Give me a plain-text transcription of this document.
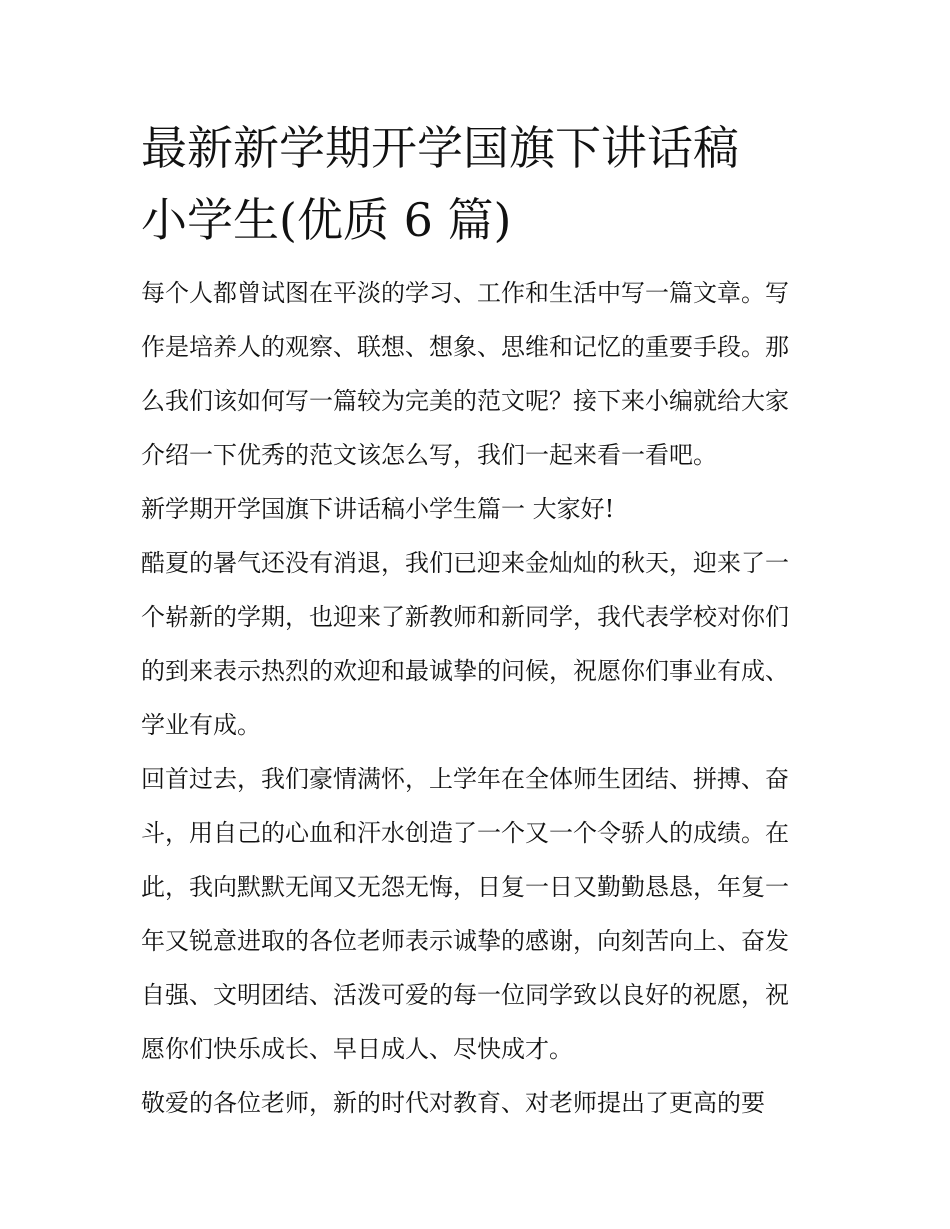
最新新学期开学国旗下讲话稿
小学生(优质 6 篇)

每个人都曾试图在平淡的学习、工作和生活中写一篇文章。写
作是培养人的观察、联想、想象、思维和记忆的重要手段。那
么我们该如何写一篇较为完美的范文呢？接下来小编就给大家
介绍一下优秀的范文该怎么写，我们一起来看一看吧。

新学期开学国旗下讲话稿小学生篇一 大家好!

酷夏的暑气还没有消退，我们已迎来金灿灿的秋天，迎来了一
个崭新的学期，也迎来了新教师和新同学，我代表学校对你们
的到来表示热烈的欢迎和最诚挚的问候，祝愿你们事业有成、
学业有成。

回首过去，我们豪情满怀，上学年在全体师生团结、拼搏、奋
斗，用自己的心血和汗水创造了一个又一个令骄人的成绩。在
此，我向默默无闻又无怨无悔，日复一日又勤勤恳恳，年复一
年又锐意进取的各位老师表示诚挚的感谢，向刻苦向上、奋发
自强、文明团结、活泼可爱的每一位同学致以良好的祝愿，祝
愿你们快乐成长、早日成人、尽快成才。

敬爱的各位老师，新的时代对教育、对老师提出了更高的要
